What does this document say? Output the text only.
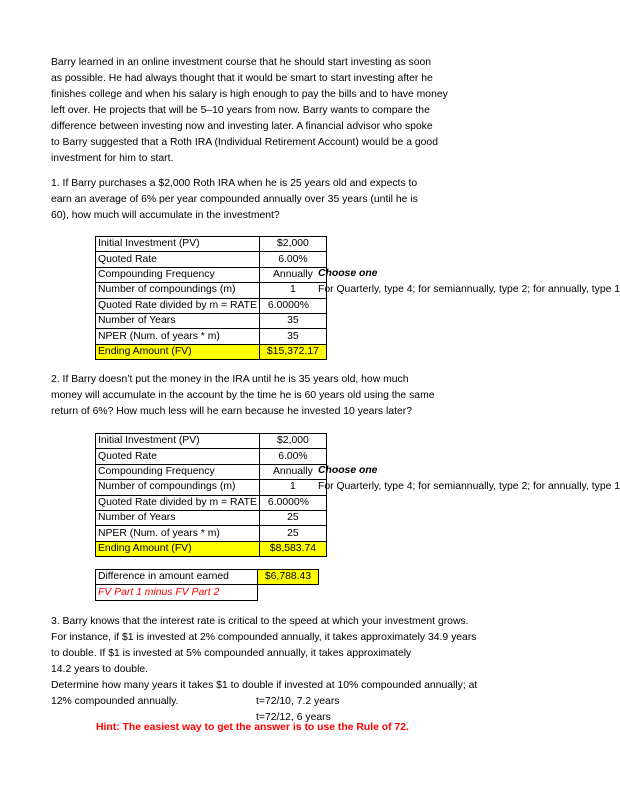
Barry learned in an online investment course that he should start investing as soon
as possible. He had always thought that it would be smart to start investing after he
finishes college and when his salary is high enough to pay the bills and to have money
left over. He projects that will be 5–10 years from now. Barry wants to compare the
difference between investing now and investing later. A financial advisor who spoke
to Barry suggested that a Roth IRA (Individual Retirement Account) would be a good
investment for him to start.
1. If Barry purchases a $2,000 Roth IRA when he is 25 years old and expects to
earn an average of 6% per year compounded annually over 35 years (until he is
60), how much will accumulate in the investment?
Initial Investment (PV)	$2,000
Quoted Rate	6.00%
Compounding Frequency	Annually
Number of compoundings (m)	1
Quoted Rate divided by m = RATE	6.0000%
Number of Years	35
NPER (Num. of years * m)	35
Ending Amount (FV)	$15,372.17
Choose one
For Quarterly, type 4; for semiannually, type 2; for annually, type 1
2. If Barry doesn’t put the money in the IRA until he is 35 years old, how much
money will accumulate in the account by the time he is 60 years old using the same
return of 6%? How much less will he earn because he invested 10 years later?
Initial Investment (PV)	$2,000
Quoted Rate	6.00%
Compounding Frequency	Annually
Number of compoundings (m)	1
Quoted Rate divided by m = RATE	6.0000%
Number of Years	25
NPER (Num. of years * m)	25
Ending Amount (FV)	$8,583.74
Choose one
For Quarterly, type 4; for semiannually, type 2; for annually, type 1
Difference in amount earned	$6,788.43
FV Part 1 minus FV Part 2	
3. Barry knows that the interest rate is critical to the speed at which your investment grows.
For instance, if $1 is invested at 2% compounded annually, it takes approximately 34.9 years
to double. If $1 is invested at 5% compounded annually, it takes approximately
14.2 years to double.
Determine how many years it takes $1 to double if invested at 10% compounded annually; at
12% compounded annually.	t=72/10, 7.2 years
t=72/12, 6 years
Hint: The easiest way to get the answer is to use the Rule of 72.
